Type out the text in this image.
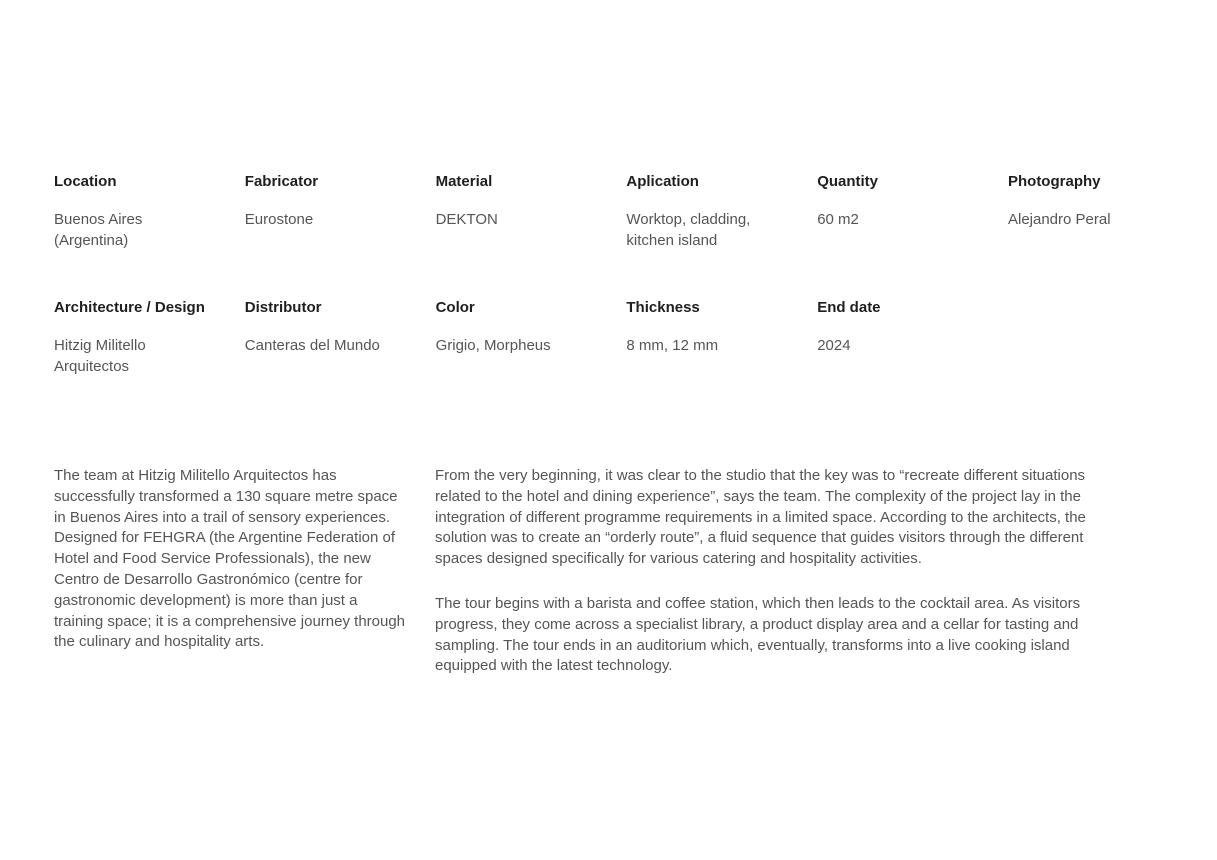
Location
Buenos Aires
(Argentina)
Fabricator
Eurostone
Material
DEKTON
Aplication
Worktop, cladding,
kitchen island
Quantity
60 m2
Photography
Alejandro Peral
Architecture / Design
Hitzig Militello
Arquitectos
Distributor
Canteras del Mundo
Color
Grigio, Morpheus
Thickness
8 mm, 12 mm
End date
2024

The team at Hitzig Militello Arquitectos has successfully transformed a 130 square metre space in Buenos Aires into a trail of sensory experiences. Designed for FEHGRA (the Argentine Federation of Hotel and Food Service Professionals), the new Centro de Desarrollo Gastronómico (centre for gastronomic development) is more than just a training space; it is a comprehensive journey through the culinary and hospitality arts.

From the very beginning, it was clear to the studio that the key was to “recreate different situations related to the hotel and dining experience”, says the team. The complexity of the project lay in the integration of different programme requirements in a limited space. According to the architects, the solution was to create an “orderly route”, a fluid sequence that guides visitors through the different spaces designed specifically for various catering and hospitality activities.

The tour begins with a barista and coffee station, which then leads to the cocktail area. As visitors progress, they come across a specialist library, a product display area and a cellar for tasting and sampling. The tour ends in an auditorium which, eventually, transforms into a live cooking island equipped with the latest technology.
